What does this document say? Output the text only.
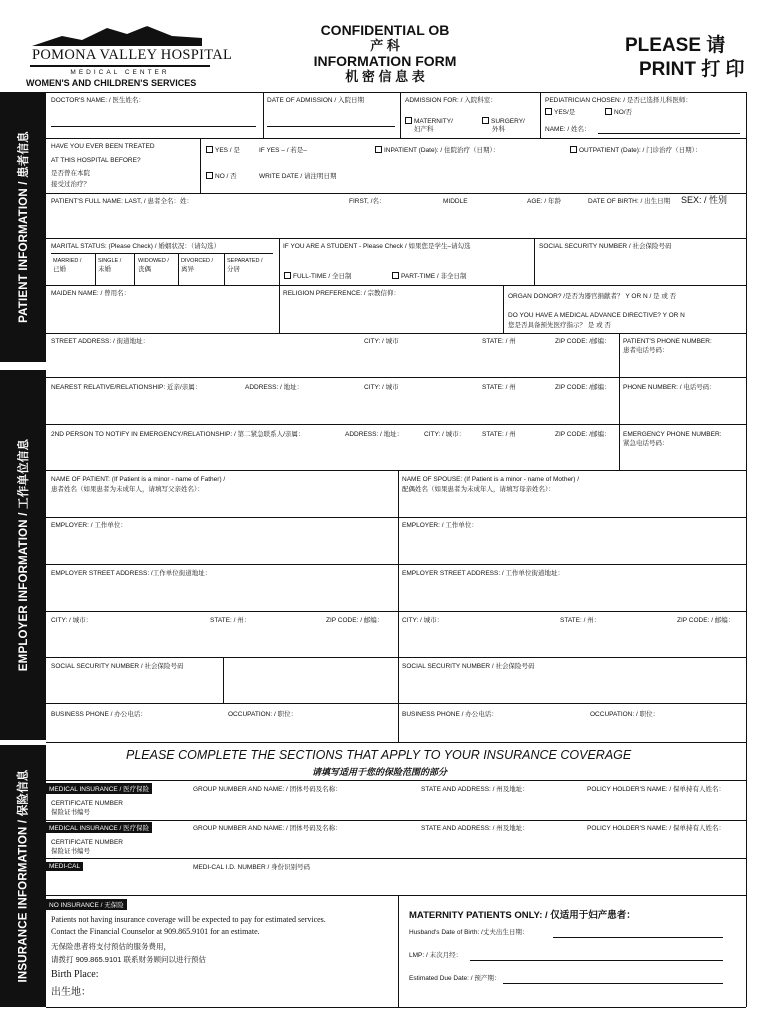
POMONA VALLEY HOSPITAL
MEDICAL CENTER
WOMEN'S AND CHILDREN'S SERVICES
CONFIDENTIAL OB
产 科
INFORMATION FORM
机 密 信 息 表
PLEASE 请
PRINT 打 印
PATIENT INFORMATION / 患者信息
EMPLOYER INFORMATION / 工作单位信息
INSURANCE INFORMATION / 保险信息
DOCTOR'S NAME: / 医生姓名：	DATE OF ADMISSION / 入院日期	ADMISSION FOR: / 入院科室：
MATERNITY/
妇产科
SURGERY/
外科
PEDIATRICIAN CHOSEN: / 是否已选择儿科医师：
YES/是	NO/否
NAME: / 姓名：
HAVE YOU EVER BEEN TREATED
AT THIS HOSPITAL BEFORE?
是否曾在本院
接受过治疗？
YES / 是
NO / 否
IF YES – / 若是–
WRITE DATE / 请注明日期
INPATIENT (Date): / 住院治疗（日期）：	OUTPATIENT (Date): / 门诊治疗（日期）：
PATIENT'S FULL NAME: LAST, / 患者全名：姓：	FIRST, /名：	MIDDLE	AGE: / 年龄	DATE OF BIRTH: / 出生日期 SEX: / 性别
MARITAL STATUS: (Please Check) / 婚姻状况：（请勾选）
MARRIED /
已婚
SINGLE /
未婚
WIDOWED /
丧偶
DIVORCED /
离异
SEPARATED /
分居
IF YOU ARE A STUDENT - Please Check / 如果您是学生–请勾选
FULL-TIME / 全日制	PART-TIME / 非全日制
SOCIAL SECURITY NUMBER / 社会保险号码
MAIDEN NAME: / 曾用名：	RELIGION PREFERENCE: / 宗教信仰：	ORGAN DONOR? /是否为器官捐献者？ Y OR N / 是 或 否
DO YOU HAVE A MEDICAL ADVANCE DIRECTIVE? Y OR N
您是否具备预先医疗指示？ 是 或 否
STREET ADDRESS: / 街道地址：	CITY: / 城市	STATE: / 州	ZIP CODE: /邮编： PATIENT'S PHONE NUMBER:
患者电话号码：
NEAREST RELATIVE/RELATIONSHIP: 近亲/亲属：	ADDRESS: / 地址：	CITY: / 城市	STATE: / 州	ZIP CODE: /邮编： PHONE NUMBER: / 电话号码：
2ND PERSON TO NOTIFY IN EMERGENCY/RELATIONSHIP: / 第二紧急联系人/亲属：	ADDRESS: / 地址：	CITY: / 城市：	STATE: / 州	ZIP CODE: /邮编： EMERGENCY PHONE NUMBER:
紧急电话号码：
NAME OF PATIENT: (If Patient is a minor - name of Father) /
患者姓名（如果患者为未成年人，请填写父亲姓名）：
NAME OF SPOUSE: (If Patient is a minor - name of Mother) /
配偶姓名（如果患者为未成年人，请填写母亲姓名）：
EMPLOYER: / 工作单位：	EMPLOYER: / 工作单位：
EMPLOYER STREET ADDRESS: /工作单位街道地址：	EMPLOYER STREET ADDRESS: / 工作单位街道地址：
CITY: / 城市：	STATE: / 州：	ZIP CODE: / 邮编：	CITY: / 城市：	STATE: / 州：	ZIP CODE: / 邮编：
SOCIAL SECURITY NUMBER / 社会保险号码	SOCIAL SECURITY NUMBER / 社会保险号码
BUSINESS PHONE / 办公电话：	OCCUPATION: / 职位：	BUSINESS PHONE / 办公电话：	OCCUPATION: / 职位：
PLEASE COMPLETE THE SECTIONS THAT APPLY TO YOUR INSURANCE COVERAGE
请填写适用于您的保险范围的部分
MEDICAL INSURANCE / 医疗保险	GROUP NUMBER AND NAME: / 团体号码及名称：	STATE AND ADDRESS: / 州及地址：	POLICY HOLDER'S NAME: / 保单持有人姓名：
CERTIFICATE NUMBER
保险证书编号
MEDICAL INSURANCE / 医疗保险	GROUP NUMBER AND NAME: / 团体号码及名称：	STATE AND ADDRESS: / 州及地址：	POLICY HOLDER'S NAME: / 保单持有人姓名：
CERTIFICATE NUMBER
保险证书编号
MEDI-CAL	MEDI-CAL I.D. NUMBER / 身份识别号码
NO INSURANCE / 无保险
Patients not having insurance coverage will be expected to pay for estimated services.
Contact the Financial Counselor at 909.865.9101 for an estimate.
无保险患者将支付预估的服务费用，
请拨打 909.865.9101 联系财务顾问以进行预估
Birth Place:
出生地：
MATERNITY PATIENTS ONLY: / 仅适用于妇产患者：
Husband's Date of Birth: /丈夫出生日期：
LMP: / 末次月经：
Estimated Due Date: / 预产期：
